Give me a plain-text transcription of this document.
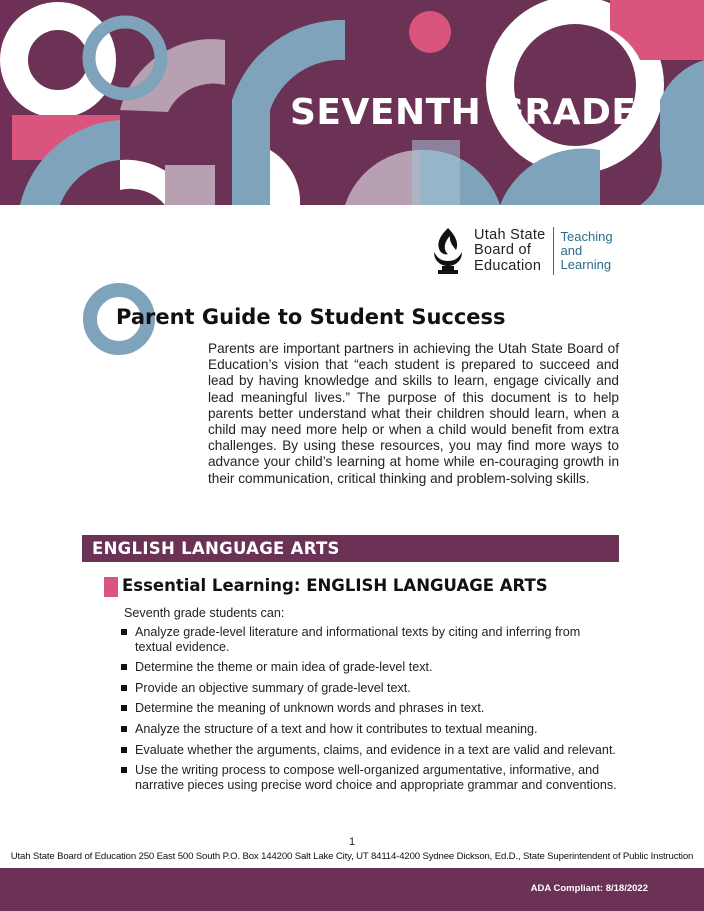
SEVENTH GRADE
Utah State
Board of
Education
Teaching
and
Learning
Parent Guide to Student Success
Parents are important partners in achieving the Utah State Board of Education’s vision that “each student is prepared to succeed and lead by having knowledge and skills to learn, engage civically and lead meaningful lives.” The purpose of this document is to help parents better understand what their children should learn, when a child may need more help or when a child would benefit from extra challenges. By using these resources, you may find more ways to advance your child’s learning at home while en-couraging growth in their communication, critical thinking and problem-solving skills.
ENGLISH LANGUAGE ARTS
Essential Learning: ENGLISH LANGUAGE ARTS
Seventh grade students can:
Analyze grade-level literature and informational texts by citing and inferring from textual evidence.
Determine the theme or main idea of grade-level text.
Provide an objective summary of grade-level text.
Determine the meaning of unknown words and phrases in text.
Analyze the structure of a text and how it contributes to textual meaning.
Evaluate whether the arguments, claims, and evidence in a text are valid and relevant.
Use the writing process to compose well-organized argumentative, informative, and narrative pieces using precise word choice and appropriate grammar and conventions.
1
Utah State Board of Education 250 East 500 South P.O. Box 144200 Salt Lake City, UT 84114-4200 Sydnee Dickson, Ed.D., State Superintendent of Public Instruction
ADA Compliant: 8/18/2022
